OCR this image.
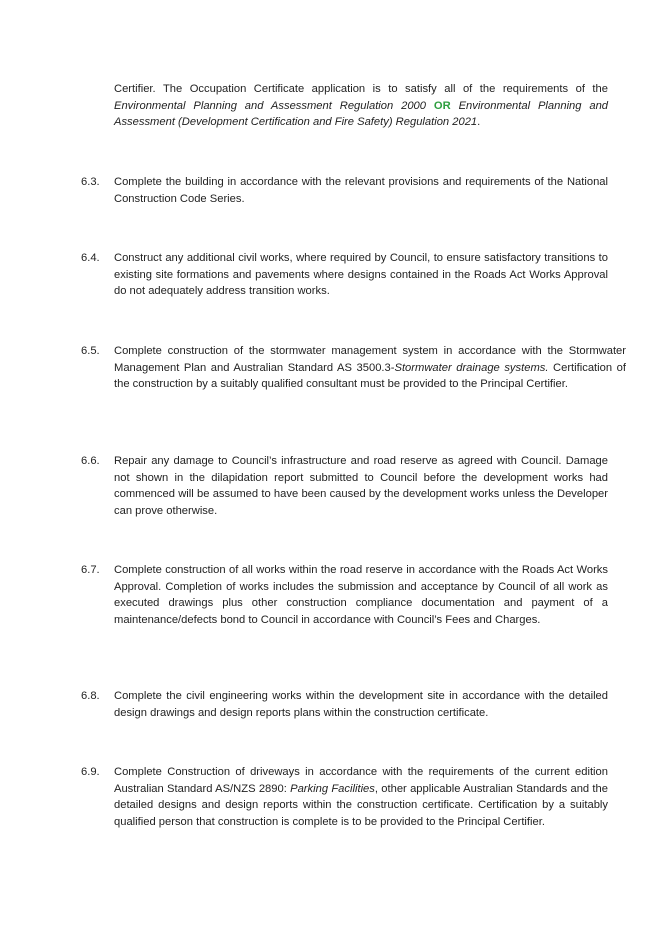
Certifier. The Occupation Certificate application is to satisfy all of the requirements of the Environmental Planning and Assessment Regulation 2000 OR Environmental Planning and Assessment (Development Certification and Fire Safety) Regulation 2021.
6.3. Complete the building in accordance with the relevant provisions and requirements of the National Construction Code Series.
6.4. Construct any additional civil works, where required by Council, to ensure satisfactory transitions to existing site formations and pavements where designs contained in the Roads Act Works Approval do not adequately address transition works.
6.5. Complete construction of the stormwater management system in accordance with the Stormwater Management Plan and Australian Standard AS 3500.3-Stormwater drainage systems. Certification of the construction by a suitably qualified consultant must be provided to the Principal Certifier.
6.6. Repair any damage to Council’s infrastructure and road reserve as agreed with Council. Damage not shown in the dilapidation report submitted to Council before the development works had commenced will be assumed to have been caused by the development works unless the Developer can prove otherwise.
6.7. Complete construction of all works within the road reserve in accordance with the Roads Act Works Approval. Completion of works includes the submission and acceptance by Council of all work as executed drawings plus other construction compliance documentation and payment of a maintenance/defects bond to Council in accordance with Council’s Fees and Charges.
6.8. Complete the civil engineering works within the development site in accordance with the detailed design drawings and design reports plans within the construction certificate.
6.9. Complete Construction of driveways in accordance with the requirements of the current edition Australian Standard AS/NZS 2890: Parking Facilities, other applicable Australian Standards and the detailed designs and design reports within the construction certificate. Certification by a suitably qualified person that construction is complete is to be provided to the Principal Certifier.
